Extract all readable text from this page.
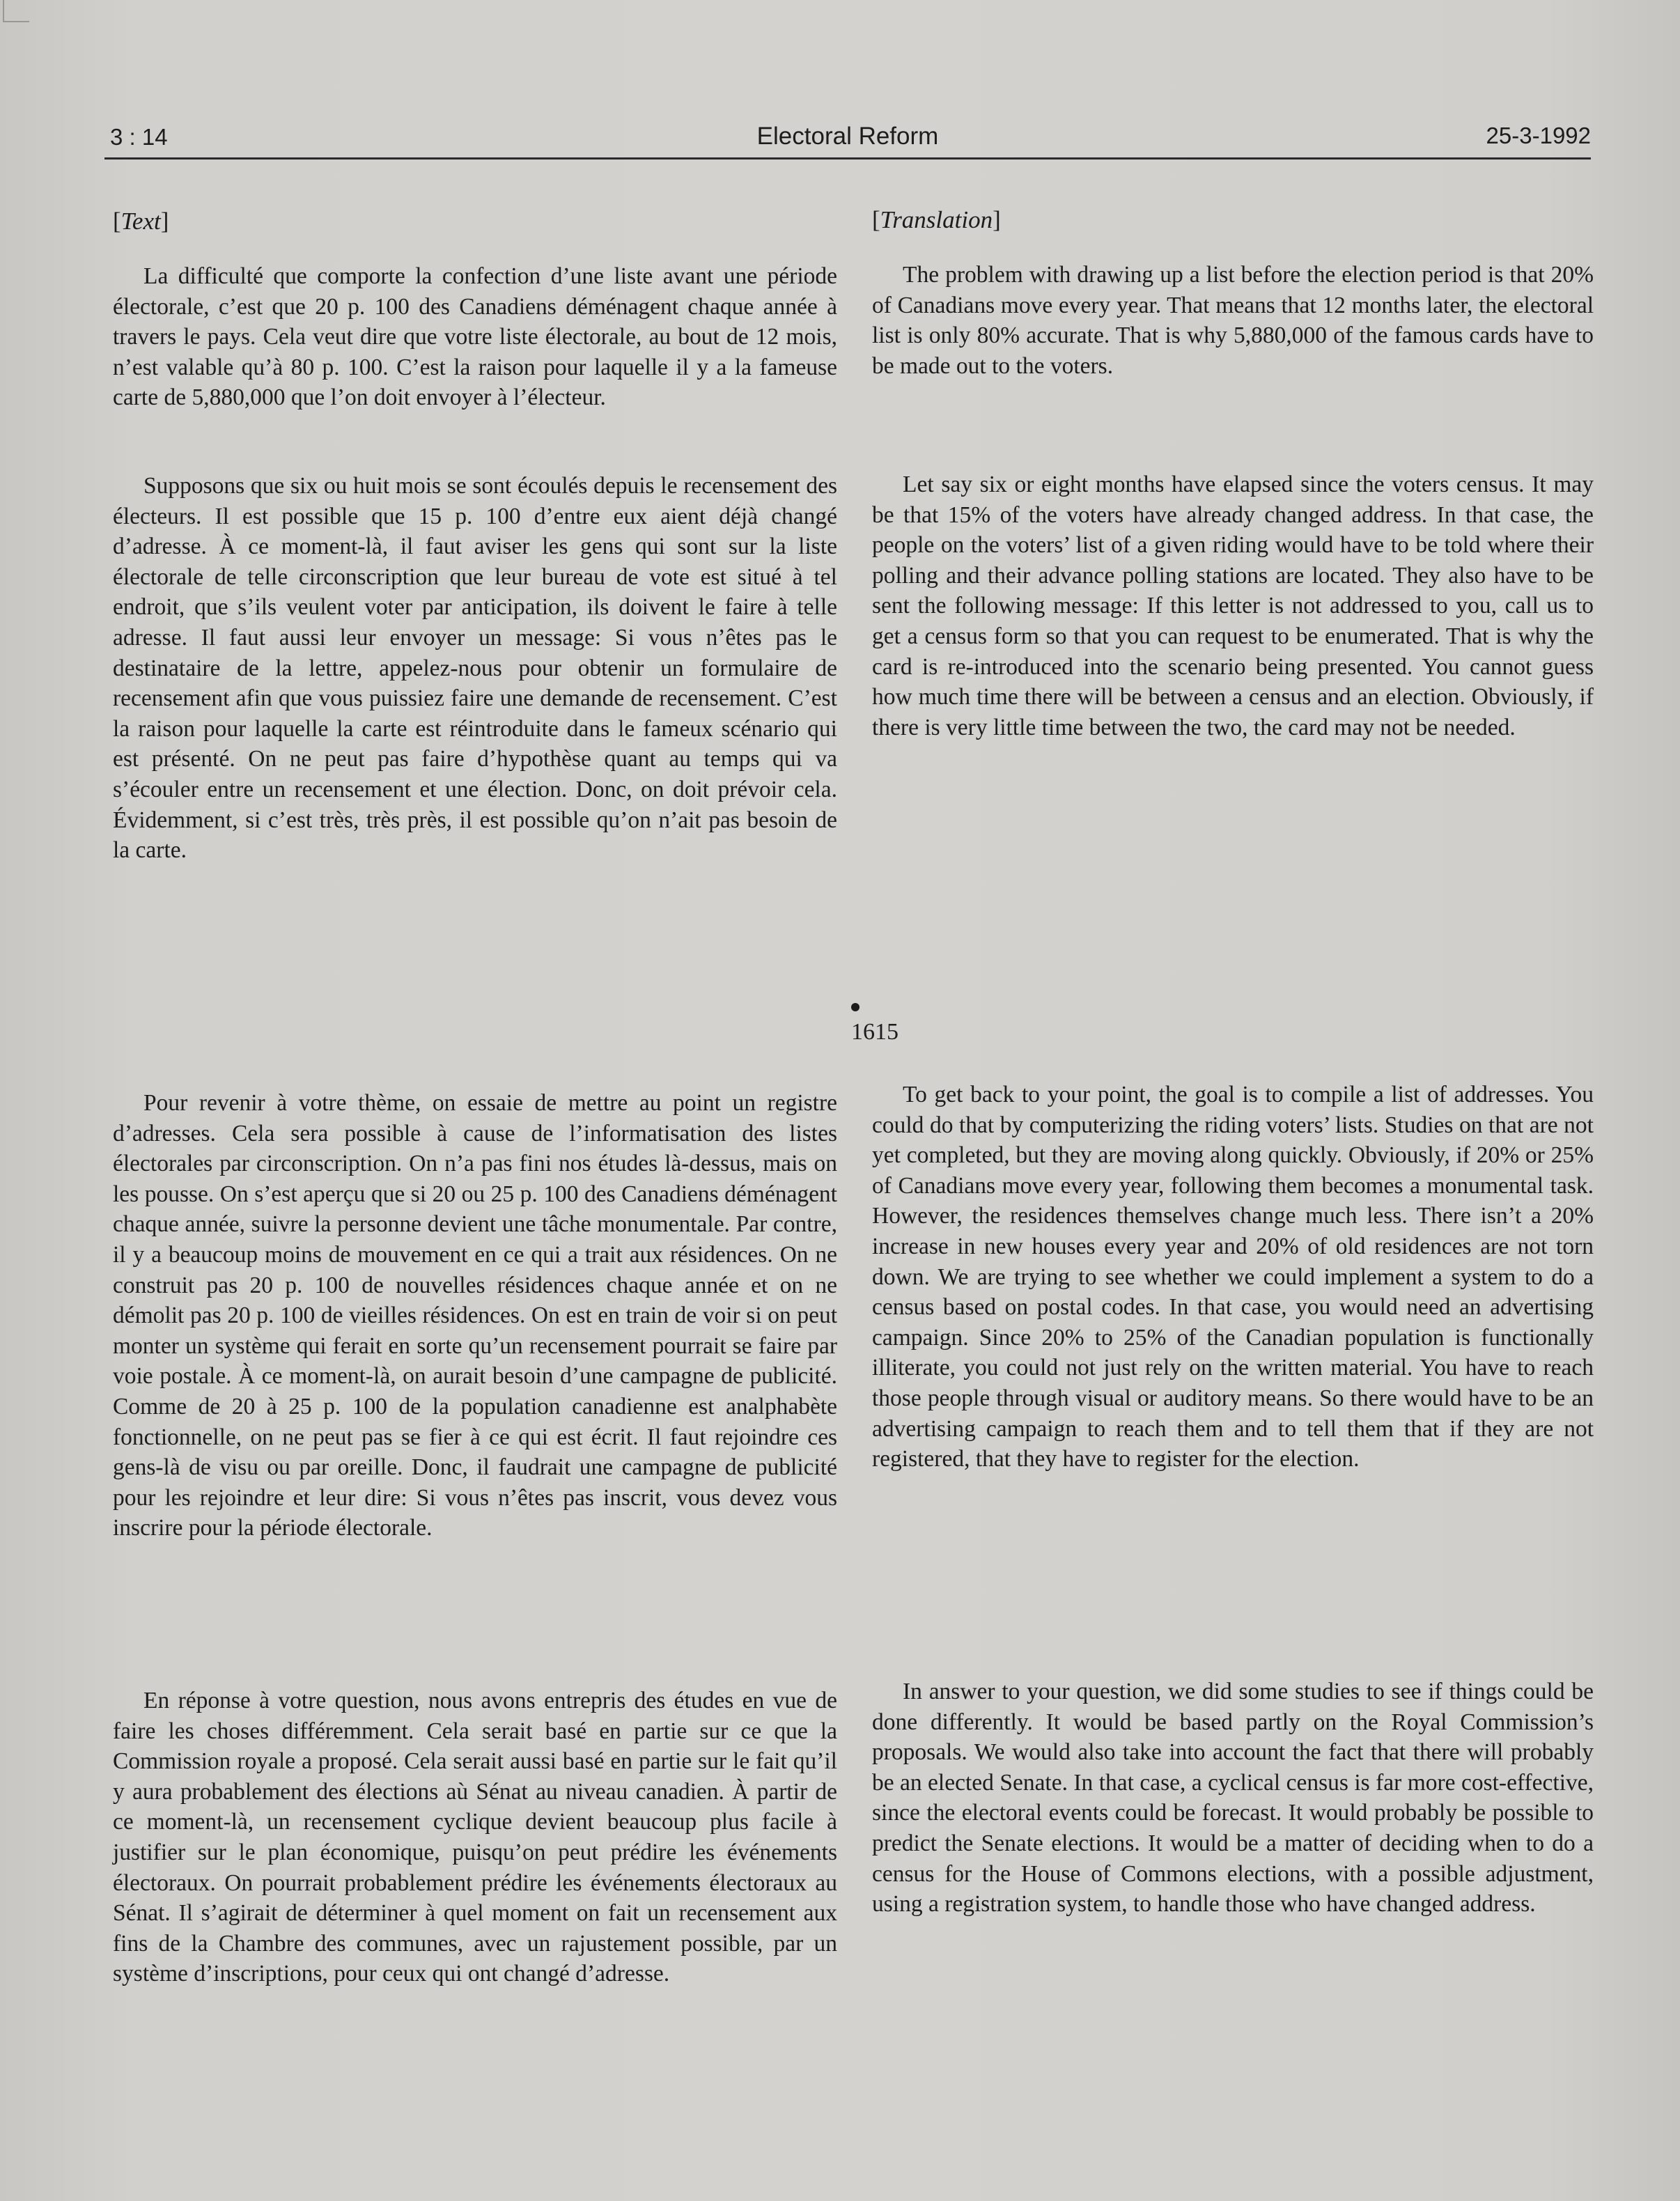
3 : 14	Electoral Reform	25-3-1992

[Text]

La difficulté que comporte la confection d’une liste avant une période électorale, c’est que 20 p. 100 des Canadiens déménagent chaque année à travers le pays. Cela veut dire que votre liste électorale, au bout de 12 mois, n’est valable qu’à 80 p. 100. C’est la raison pour laquelle il y a la fameuse carte de 5,880,000 que l’on doit envoyer à l’électeur.

Supposons que six ou huit mois se sont écoulés depuis le recensement des électeurs. Il est possible que 15 p. 100 d’entre eux aient déjà changé d’adresse. À ce moment-là, il faut aviser les gens qui sont sur la liste électorale de telle circonscription que leur bureau de vote est situé à tel endroit, que s’ils veulent voter par anticipation, ils doivent le faire à telle adresse. Il faut aussi leur envoyer un message: Si vous n’êtes pas le destinataire de la lettre, appelez-nous pour obtenir un formulaire de recensement afin que vous puissiez faire une demande de recensement. C’est la raison pour laquelle la carte est réintroduite dans le fameux scénario qui est présenté. On ne peut pas faire d’hypothèse quant au temps qui va s’écouler entre un recensement et une élection. Donc, on doit prévoir cela. Évidemment, si c’est très, très près, il est possible qu’on n’ait pas besoin de la carte.

Pour revenir à votre thème, on essaie de mettre au point un registre d’adresses. Cela sera possible à cause de l’informatisation des listes électorales par circonscription. On n’a pas fini nos études là-dessus, mais on les pousse. On s’est aperçu que si 20 ou 25 p. 100 des Canadiens déménagent chaque année, suivre la personne devient une tâche monumentale. Par contre, il y a beaucoup moins de mouvement en ce qui a trait aux résidences. On ne construit pas 20 p. 100 de nouvelles résidences chaque année et on ne démolit pas 20 p. 100 de vieilles résidences. On est en train de voir si on peut monter un système qui ferait en sorte qu’un recensement pourrait se faire par voie postale. À ce moment-là, on aurait besoin d’une campagne de publicité. Comme de 20 à 25 p. 100 de la population canadienne est analphabète fonctionnelle, on ne peut pas se fier à ce qui est écrit. Il faut rejoindre ces gens-là de visu ou par oreille. Donc, il faudrait une campagne de publicité pour les rejoindre et leur dire: Si vous n’êtes pas inscrit, vous devez vous inscrire pour la période électorale.

En réponse à votre question, nous avons entrepris des études en vue de faire les choses différemment. Cela serait basé en partie sur ce que la Commission royale a proposé. Cela serait aussi basé en partie sur le fait qu’il y aura probablement des élections aù Sénat au niveau canadien. À partir de ce moment-là, un recensement cyclique devient beaucoup plus facile à justifier sur le plan économique, puisqu’on peut prédire les événements électoraux. On pourrait probablement prédire les événements électoraux au Sénat. Il s’agirait de déterminer à quel moment on fait un recensement aux fins de la Chambre des communes, avec un rajustement possible, par un système d’inscriptions, pour ceux qui ont changé d’adresse.

1615

[Translation]

The problem with drawing up a list before the election period is that 20% of Canadians move every year. That means that 12 months later, the electoral list is only 80% accurate. That is why 5,880,000 of the famous cards have to be made out to the voters.

Let say six or eight months have elapsed since the voters census. It may be that 15% of the voters have already changed address. In that case, the people on the voters’ list of a given riding would have to be told where their polling and their advance polling stations are located. They also have to be sent the following message: If this letter is not addressed to you, call us to get a census form so that you can request to be enumerated. That is why the card is re-introduced into the scenario being presented. You cannot guess how much time there will be between a census and an election. Obviously, if there is very little time between the two, the card may not be needed.

To get back to your point, the goal is to compile a list of addresses. You could do that by computerizing the riding voters’ lists. Studies on that are not yet completed, but they are moving along quickly. Obviously, if 20% or 25% of Canadians move every year, following them becomes a monumental task. However, the residences themselves change much less. There isn’t a 20% increase in new houses every year and 20% of old residences are not torn down. We are trying to see whether we could implement a system to do a census based on postal codes. In that case, you would need an advertising campaign. Since 20% to 25% of the Canadian population is functionally illiterate, you could not just rely on the written material. You have to reach those people through visual or auditory means. So there would have to be an advertising campaign to reach them and to tell them that if they are not registered, that they have to register for the election.

In answer to your question, we did some studies to see if things could be done differently. It would be based partly on the Royal Commission’s proposals. We would also take into account the fact that there will probably be an elected Senate. In that case, a cyclical census is far more cost-effective, since the electoral events could be forecast. It would probably be possible to predict the Senate elections. It would be a matter of deciding when to do a census for the House of Commons elections, with a possible adjustment, using a registration system, to handle those who have changed address.
